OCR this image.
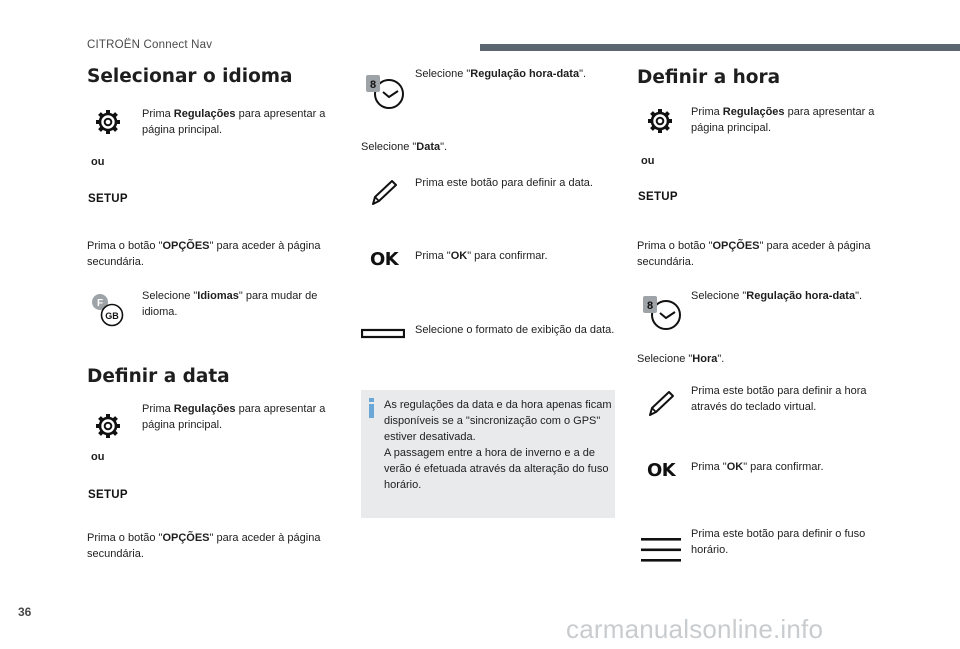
CITROËN Connect Nav
Selecionar o idioma
Prima Regulações para apresentar a página principal.
ou
SETUP
Prima o botão "OPÇÕES" para aceder à página secundária.
F
GB
Selecione "Idiomas" para mudar de idioma.
Definir a data
Prima Regulações para apresentar a página principal.
ou
SETUP
Prima o botão "OPÇÕES" para aceder à página secundária.
8
Selecione "Regulação hora-data".
Selecione "Data".
Prima este botão para definir a data.
OK Prima "OK" para confirmar.
Selecione o formato de exibição da data.
As regulações da data e da hora apenas ficam disponíveis se a "sincronização com o GPS" estiver desativada.
A passagem entre a hora de inverno e a de verão é efetuada através da alteração do fuso horário.
Definir a hora
Prima Regulações para apresentar a página principal.
ou
SETUP
Prima o botão "OPÇÕES" para aceder à página secundária.
8
Selecione "Regulação hora-data".
Selecione "Hora".
Prima este botão para definir a hora através do teclado virtual.
OK Prima "OK" para confirmar.
Prima este botão para definir o fuso horário.
36
carmanualsonline.info
